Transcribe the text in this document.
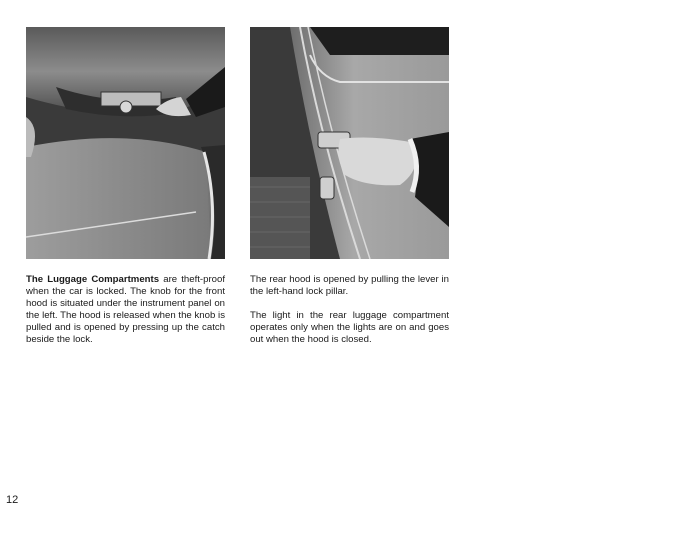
The Luggage Compartments are theft-proof when the car is locked. The knob for the front hood is situated under the instrument panel on the left. The hood is released when the knob is pulled and is opened by pressing up the catch beside the lock.

The rear hood is opened by pulling the lever in the left-hand lock pillar.

The light in the rear luggage compartment operates only when the lights are on and goes out when the hood is closed.

12
